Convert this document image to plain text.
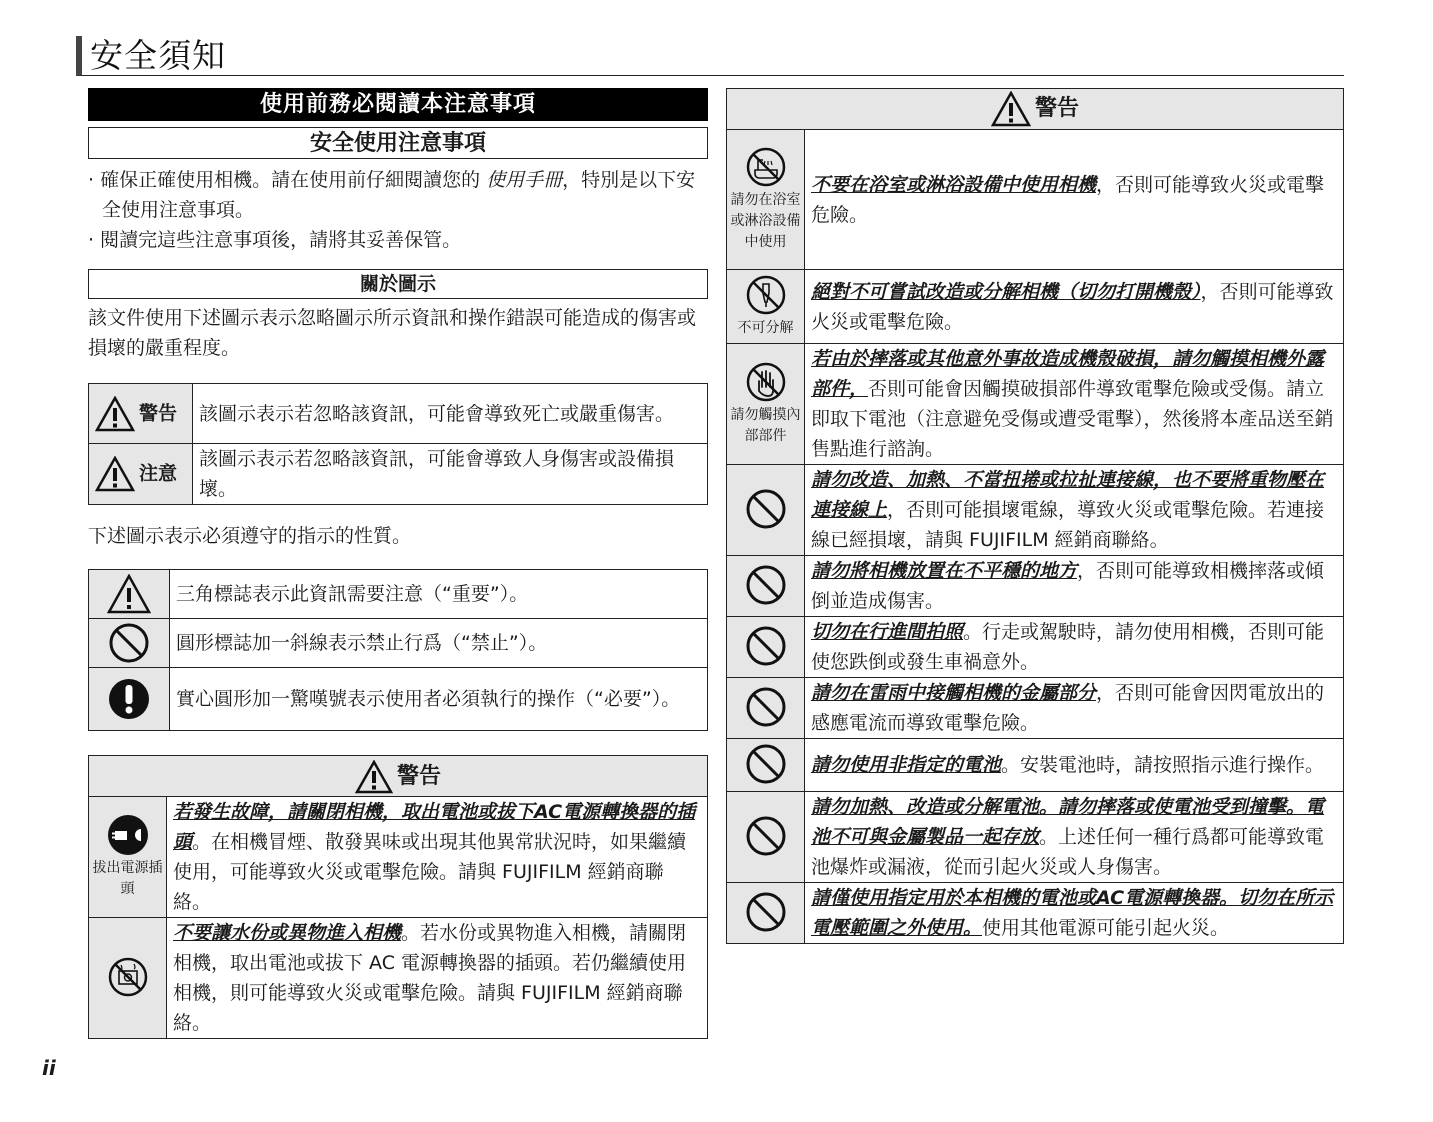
安全須知
使用前務必閱讀本注意事項
安全使用注意事項
· 確保正確使用相機。請在使用前仔細閱讀您的 使用手冊，特別是以下安全使用注意事項。
· 閱讀完這些注意事項後，請將其妥善保管。
關於圖示
該文件使用下述圖示表示忽略圖示所示資訊和操作錯誤可能造成的傷害或損壞的嚴重程度。
警告	該圖示表示若忽略該資訊，可能會導致死亡或嚴重傷害。
注意	該圖示表示若忽略該資訊，可能會導致人身傷害或設備損壞。
下述圖示表示必須遵守的指示的性質。
	三角標誌表示此資訊需要注意（“重要”）。

	圓形標誌加一斜線表示禁止行爲（“禁止”）。

	實心圓形加一驚嘆號表示使用者必須執行的操作（“必要”）。
警告	

拔出電源插頭	若發生故障，請關閉相機，取出電池或拔下AC電源轉換器的插頭。在相機冒煙、散發異味或出現其他異常狀況時，如果繼續使用，可能導致火災或電擊危險。請與 FUJIFILM 經銷商聯絡。

	不要讓水份或異物進入相機。若水份或異物進入相機，請關閉相機，取出電池或拔下 AC 電源轉換器的插頭。若仍繼續使用相機，則可能導致火災或電擊危險。請與 FUJIFILM 經銷商聯絡。
警告	

請勿在浴室或淋浴設備中使用	不要在浴室或淋浴設備中使用相機，否則可能導致火災或電擊危險。

不可分解	絕對不可嘗試改造或分解相機（切勿打開機殼），否則可能導致火災或電擊危險。

請勿觸摸內部部件	若由於摔落或其他意外事故造成機殼破損，請勿觸摸相機外露部件，否則可能會因觸摸破損部件導致電擊危險或受傷。請立即取下電池（注意避免受傷或遭受電擊），然後將本產品送至銷售點進行諮詢。

	請勿改造、加熱、不當扭捲或拉扯連接線，也不要將重物壓在連接線上，否則可能損壞電線，導致火災或電擊危險。若連接線已經損壞，請與 FUJIFILM 經銷商聯絡。

	請勿將相機放置在不平穩的地方，否則可能導致相機摔落或傾倒並造成傷害。

	切勿在行進間拍照。行走或駕駛時，請勿使用相機，否則可能使您跌倒或發生車禍意外。

	請勿在雷雨中接觸相機的金屬部分，否則可能會因閃電放出的感應電流而導致電擊危險。

	請勿使用非指定的電池。安裝電池時，請按照指示進行操作。

	請勿加熱、改造或分解電池。請勿摔落或使電池受到撞擊。電池不可與金屬製品一起存放。上述任何一種行爲都可能導致電池爆炸或漏液，從而引起火災或人身傷害。

	請僅使用指定用於本相機的電池或AC電源轉換器。切勿在所示電壓範圍之外使用。使用其他電源可能引起火災。
ii
